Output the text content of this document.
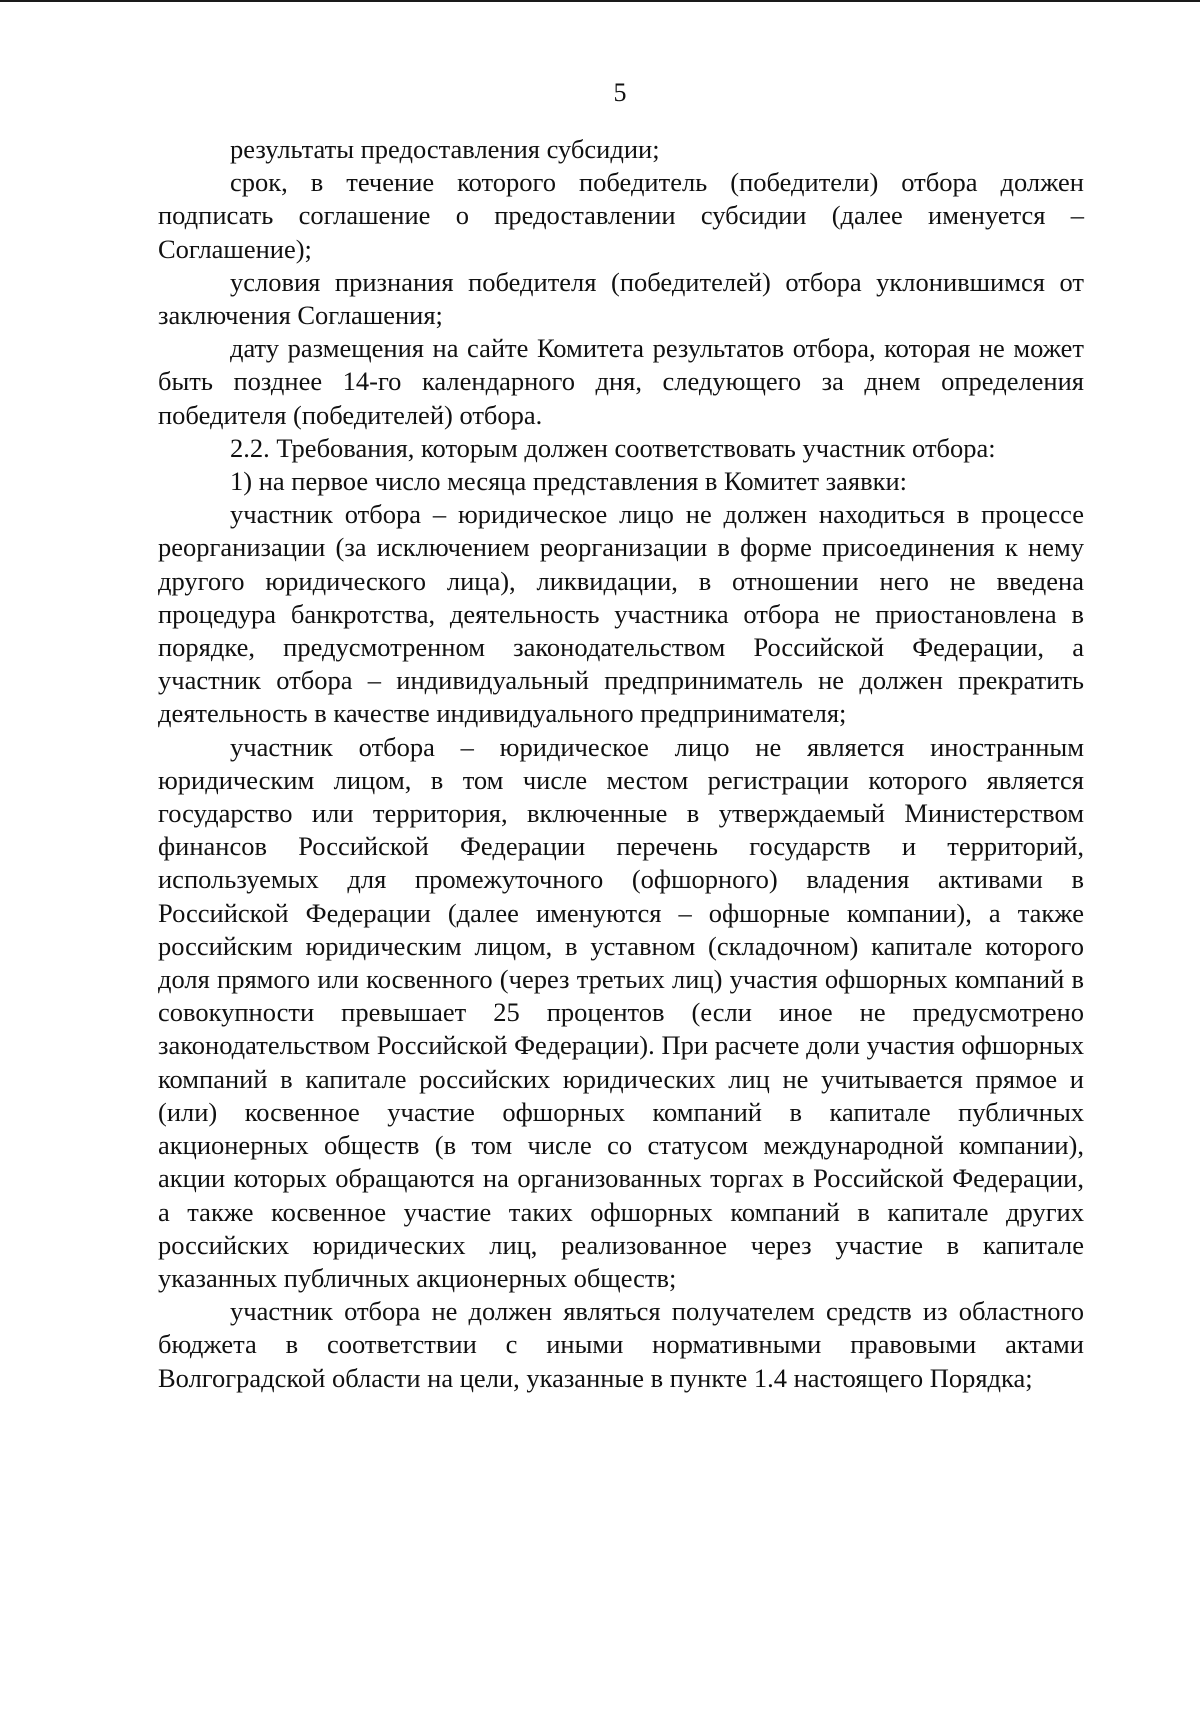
5

результаты предоставления субсидии;

срок, в течение которого победитель (победители) отбора должен подписать соглашение о предоставлении субсидии (далее именуется – Соглашение);

условия признания победителя (победителей) отбора уклонившимся от заключения Соглашения;

дату размещения на сайте Комитета результатов отбора, которая не может быть позднее 14-го календарного дня, следующего за днем определения победителя (победителей) отбора.

2.2. Требования, которым должен соответствовать участник отбора:

1) на первое число месяца представления в Комитет заявки:

участник отбора – юридическое лицо не должен находиться в процессе реорганизации (за исключением реорганизации в форме присоединения к нему другого юридического лица), ликвидации, в отношении него не введена процедура банкротства, деятельность участника отбора не приостановлена в порядке, предусмотренном законодательством Российской Федерации, а участник отбора – индивидуальный предприниматель не должен прекратить деятельность в качестве индивидуального предпринимателя;

участник отбора – юридическое лицо не является иностранным юридическим лицом, в том числе местом регистрации которого является государство или территория, включенные в утверждаемый Министерством финансов Российской Федерации перечень государств и территорий, используемых для промежуточного (офшорного) владения активами в Российской Федерации (далее именуются – офшорные компании), а также российским юридическим лицом, в уставном (складочном) капитале которого доля прямого или косвенного (через третьих лиц) участия офшорных компаний в совокупности превышает 25 процентов (если иное не предусмотрено законодательством Российской Федерации). При расчете доли участия офшорных компаний в капитале российских юридических лиц не учитывается прямое и (или) косвенное участие офшорных компаний в капитале публичных акционерных обществ (в том числе со статусом международной компании), акции которых обращаются на организованных торгах в Российской Федерации, а также косвенное участие таких офшорных компаний в капитале других российских юридических лиц, реализованное через участие в капитале указанных публичных акционерных обществ;

участник отбора не должен являться получателем средств из областного бюджета в соответствии с иными нормативными правовыми актами Волгоградской области на цели, указанные в пункте 1.4 настоящего Порядка;
